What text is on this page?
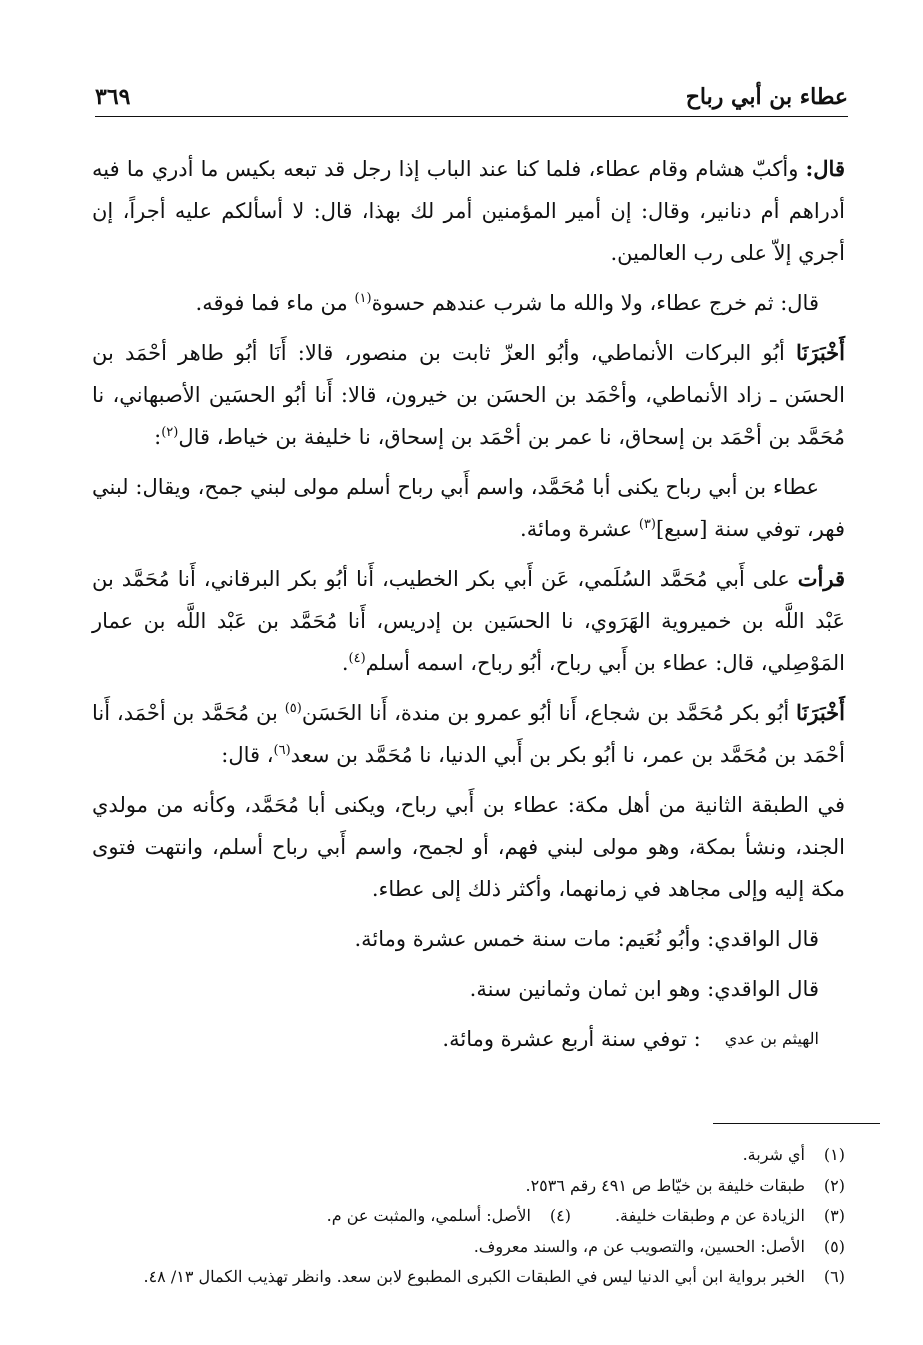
عطاء بن أبي رباح
٣٦٩

قال: وأكبّ هشام وقام عطاء، فلما كنا عند الباب إذا رجل قد تبعه بكيس ما أدري ما فيه أدراهم أم دنانير، وقال: إن أمير المؤمنين أمر لك بهذا، قال: لا أسألكم عليه أجراً، إن أجري إلاّ على رب العالمين.

قال: ثم خرج عطاء، ولا والله ما شرب عندهم حسوة$^{(١)}$ من ماء فما فوقه.

أَخْبَرَنَا أبُو البركات الأنماطي، وأبُو العزّ ثابت بن منصور، قالا: أَنَا أبُو طاهر أحْمَد بن الحسَن ـ زاد الأنماطي، وأحْمَد بن الحسَن بن خيرون، قالا: أَنا أبُو الحسَين الأصبهاني، نا مُحَمَّد بن أحْمَد بن إسحاق، نا عمر بن أحْمَد بن إسحاق، نا خليفة بن خياط، قال$^{(٢)}$:

عطاء بن أبي رباح يكنى أبا مُحَمَّد، واسم أَبي رباح أسلم مولى لبني جمح، ويقال: لبني فهر، توفي سنة [سبع]$^{(٣)}$ عشرة ومائة.

قرأت على أَبي مُحَمَّد السُلَمي، عَن أَبي بكر الخطيب، أَنا أبُو بكر البرقاني، أَنا مُحَمَّد بن عَبْد اللَّه بن خميروية الهَرَوي، نا الحسَين بن إدريس، أَنا مُحَمَّد بن عَبْد اللَّه بن عمار المَوْصِلي، قال: عطاء بن أَبي رباح، أبُو رباح، اسمه أسلم$^{(٤)}$.

أَخْبَرَنَا أبُو بكر مُحَمَّد بن شجاع، أَنا أبُو عمرو بن مندة، أَنا الحَسَن$^{(٥)}$ بن مُحَمَّد بن أحْمَد، أَنا أحْمَد بن مُحَمَّد بن عمر، نا أبُو بكر بن أَبي الدنيا، نا مُحَمَّد بن سعد$^{(٦)}$، قال:

في الطبقة الثانية من أهل مكة: عطاء بن أَبي رباح، ويكنى أبا مُحَمَّد، وكأنه من مولدي الجند، ونشأ بمكة، وهو مولى لبني فهم، أو لجمح، واسم أَبي رباح أسلم، وانتهت فتوى مكة إليه وإلى مجاهد في زمانهما، وأكثر ذلك إلى عطاء.

قال الواقدي: وأبُو نُعَيم: مات سنة خمس عشرة ومائة.

قال الواقدي: وهو ابن ثمان وثمانين سنة.

الهيثم بن عدي
: توفي سنة أربع عشرة ومائة.
(١)
أي شربة.
(٢)
طبقات خليفة بن خيّاط ص ٤٩١ رقم ٢٥٣٦.
(٣)
الزيادة عن م وطبقات خليفة.
(٤)
الأصل: أسلمي، والمثبت عن م.
(٥)
الأصل: الحسين، والتصويب عن م، والسند معروف.
(٦)
الخبر برواية ابن أبي الدنيا ليس في الطبقات الكبرى المطبوع لابن سعد. وانظر تهذيب الكمال ١٣/ ٤٨.
